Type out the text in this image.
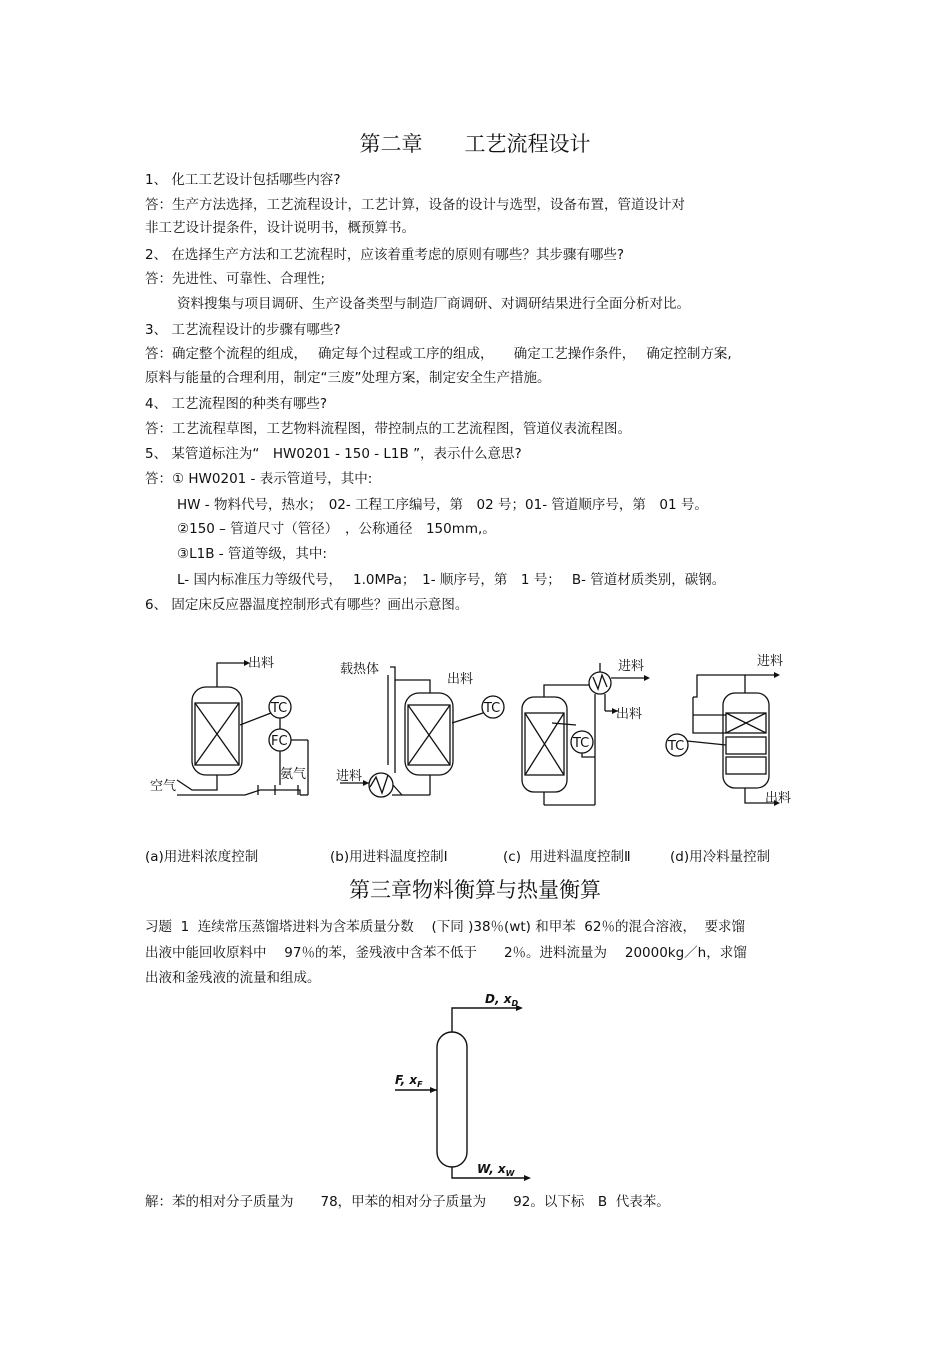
第二章　　工艺流程设计
1、 化工工艺设计包括哪些内容?
答：生产方法选择，工艺流程设计，工艺计算，设备的设计与选型，设备布置，管道设计对
非工艺设计提条件，设计说明书，概预算书。
2、 在选择生产方法和工艺流程时，应该着重考虑的原则有哪些？其步骤有哪些?
答：先进性、可靠性、合理性;
资料搜集与项目调研、生产设备类型与制造厂商调研、对调研结果进行全面分析对比。
3、 工艺流程设计的步骤有哪些?
答：确定整个流程的组成，　 确定每个过程或工序的组成，　　确定工艺操作条件，　 确定控制方案,
原料与能量的合理利用，制定“三废”处理方案，制定安全生产措施。
4、 工艺流程图的种类有哪些?
答：工艺流程草图，工艺物料流程图，带控制点的工艺流程图，管道仪表流程图。
5、 某管道标注为“　HW0201 - 150 - L1B ”，表示什么意思?
答：① HW0201 - 表示管道号，其中:
HW - 物料代号，热水；　02- 工程工序编号，第　02 号；01- 管道顺序号，第　01 号。
②150 – 管道尺寸（管径）　，公称通径　150mm,。
③L1B - 管道等级，其中:
L- 国内标准压力等级代号，　 1.0MPa；　1- 顺序号，第　1 号；　 B- 管道材质类别，碳钢。
6、 固定床反应器温度控制形式有哪些？画出示意图。
出料
TC
FC
空气
氨气
载热体
出料
TC
进料
进料
出料
TC
进料
TC
出料
(a)用进料浓度控制	(b)用进料温度控制Ⅰ	(c)  用进料温度控制Ⅱ	(d)用冷料量控制
第三章物料衡算与热量衡算
习题  1  连续常压蒸馏塔进料为含苯质量分数　 (下同 )38％(wt) 和甲苯  62％的混合溶液，  要求馏
出液中能回收原料中　 97％的苯，釜残液中含苯不低于　　2％。进料流量为　 20000kg／h，求馏
出液和釜残液的流量和组成。
D, $x_D$
F, $x_F$
W, $x_W$
解：苯的相对分子质量为　　78，甲苯的相对分子质量为　　92。以下标　B  代表苯。
